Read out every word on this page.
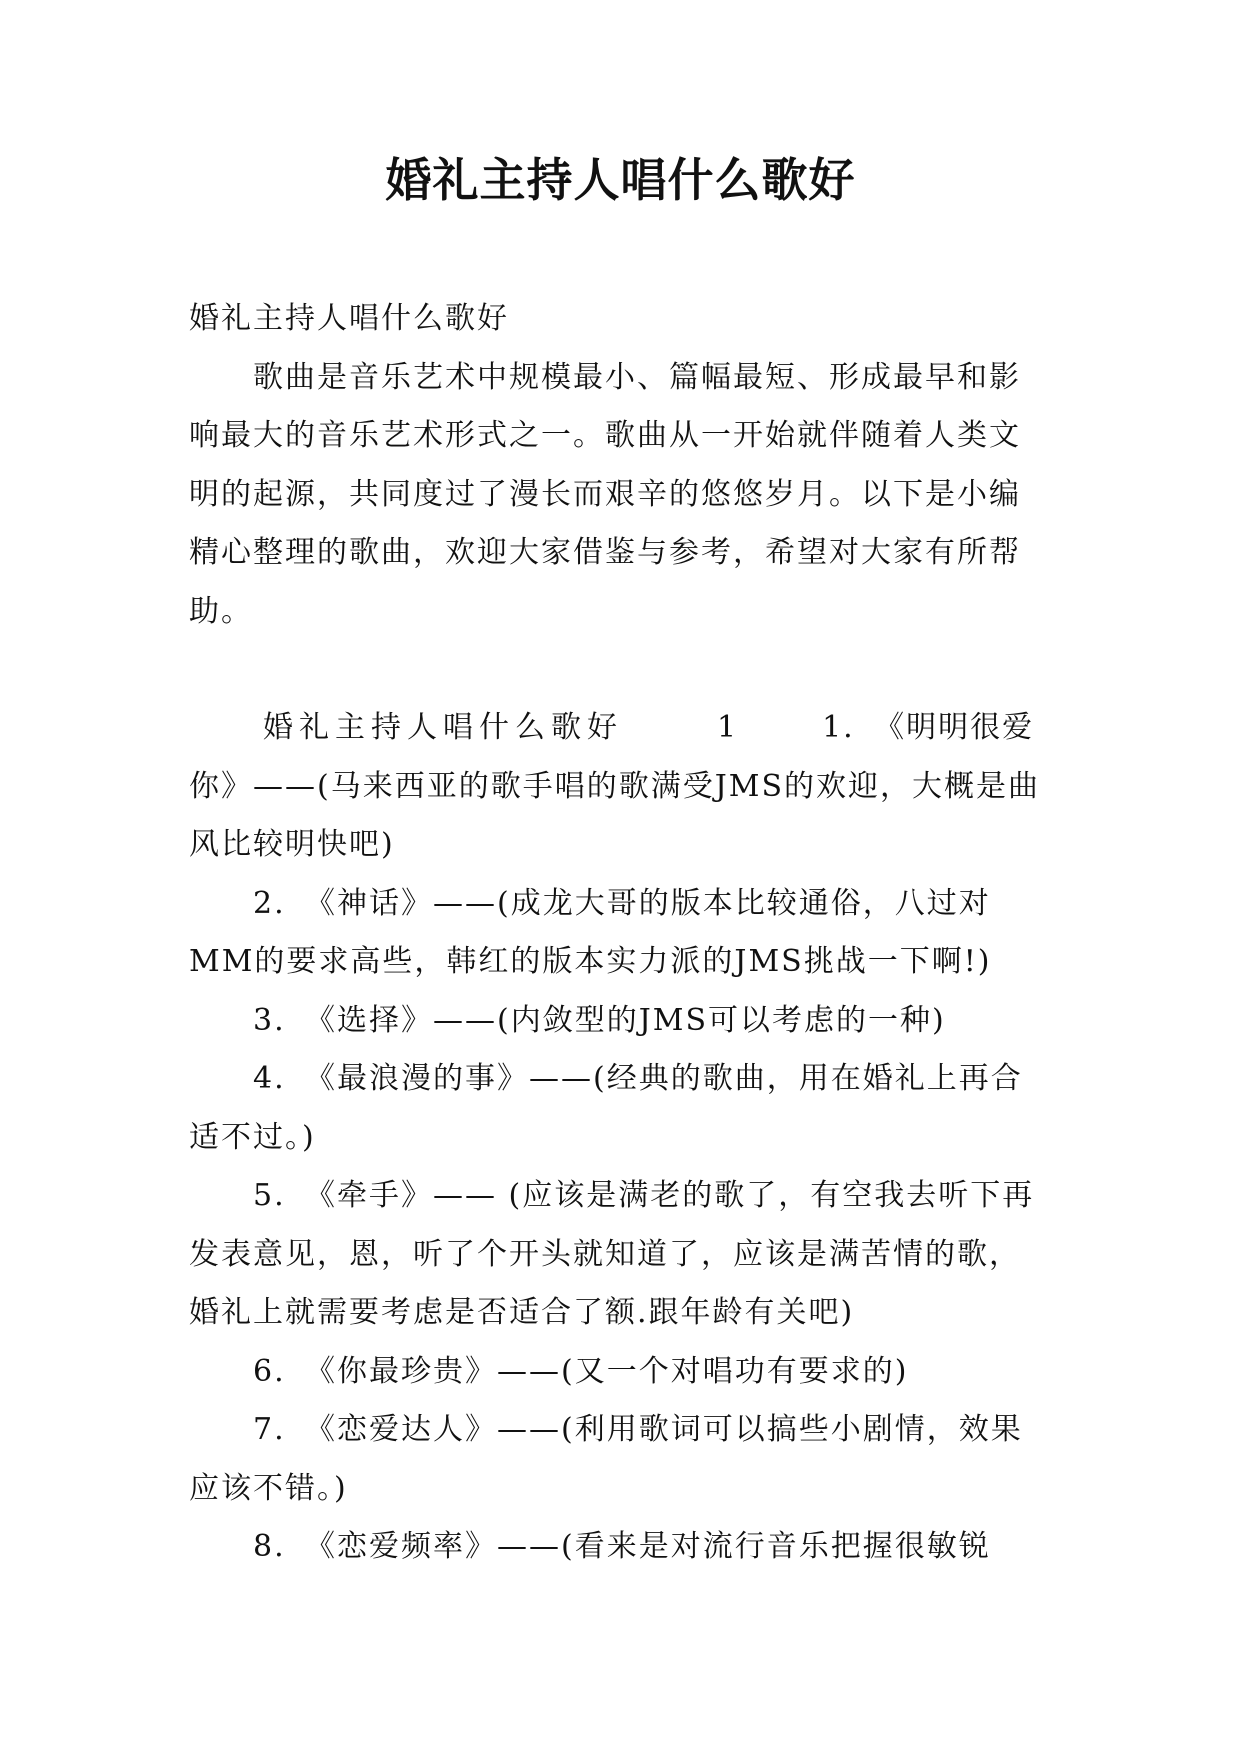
婚礼主持人唱什么歌好

婚礼主持人唱什么歌好

歌曲是音乐艺术中规模最小、篇幅最短、形成最早和影响最大的音乐艺术形式之一。歌曲从一开始就伴随着人类文明的起源，共同度过了漫长而艰辛的悠悠岁月。以下是小编精心整理的歌曲，欢迎大家借鉴与参考，希望对大家有所帮助。

婚礼主持人唱什么歌好	1	1. 《明明很爱你》——(马来西亚的歌手唱的歌满受JMS的欢迎，大概是曲风比较明快吧)

2. 《神话》——(成龙大哥的版本比较通俗，八过对MM的要求高些，韩红的版本实力派的JMS挑战一下啊!)

3. 《选择》——(内敛型的JMS可以考虑的一种)

4. 《最浪漫的事》——(经典的歌曲，用在婚礼上再合适不过。)

5. 《牵手》—— (应该是满老的歌了，有空我去听下再发表意见，恩，听了个开头就知道了，应该是满苦情的歌，婚礼上就需要考虑是否适合了额.跟年龄有关吧)

6. 《你最珍贵》——(又一个对唱功有要求的)

7. 《恋爱达人》——(利用歌词可以搞些小剧情，效果应该不错。)

8. 《恋爱频率》——(看来是对流行音乐把握很敏锐
